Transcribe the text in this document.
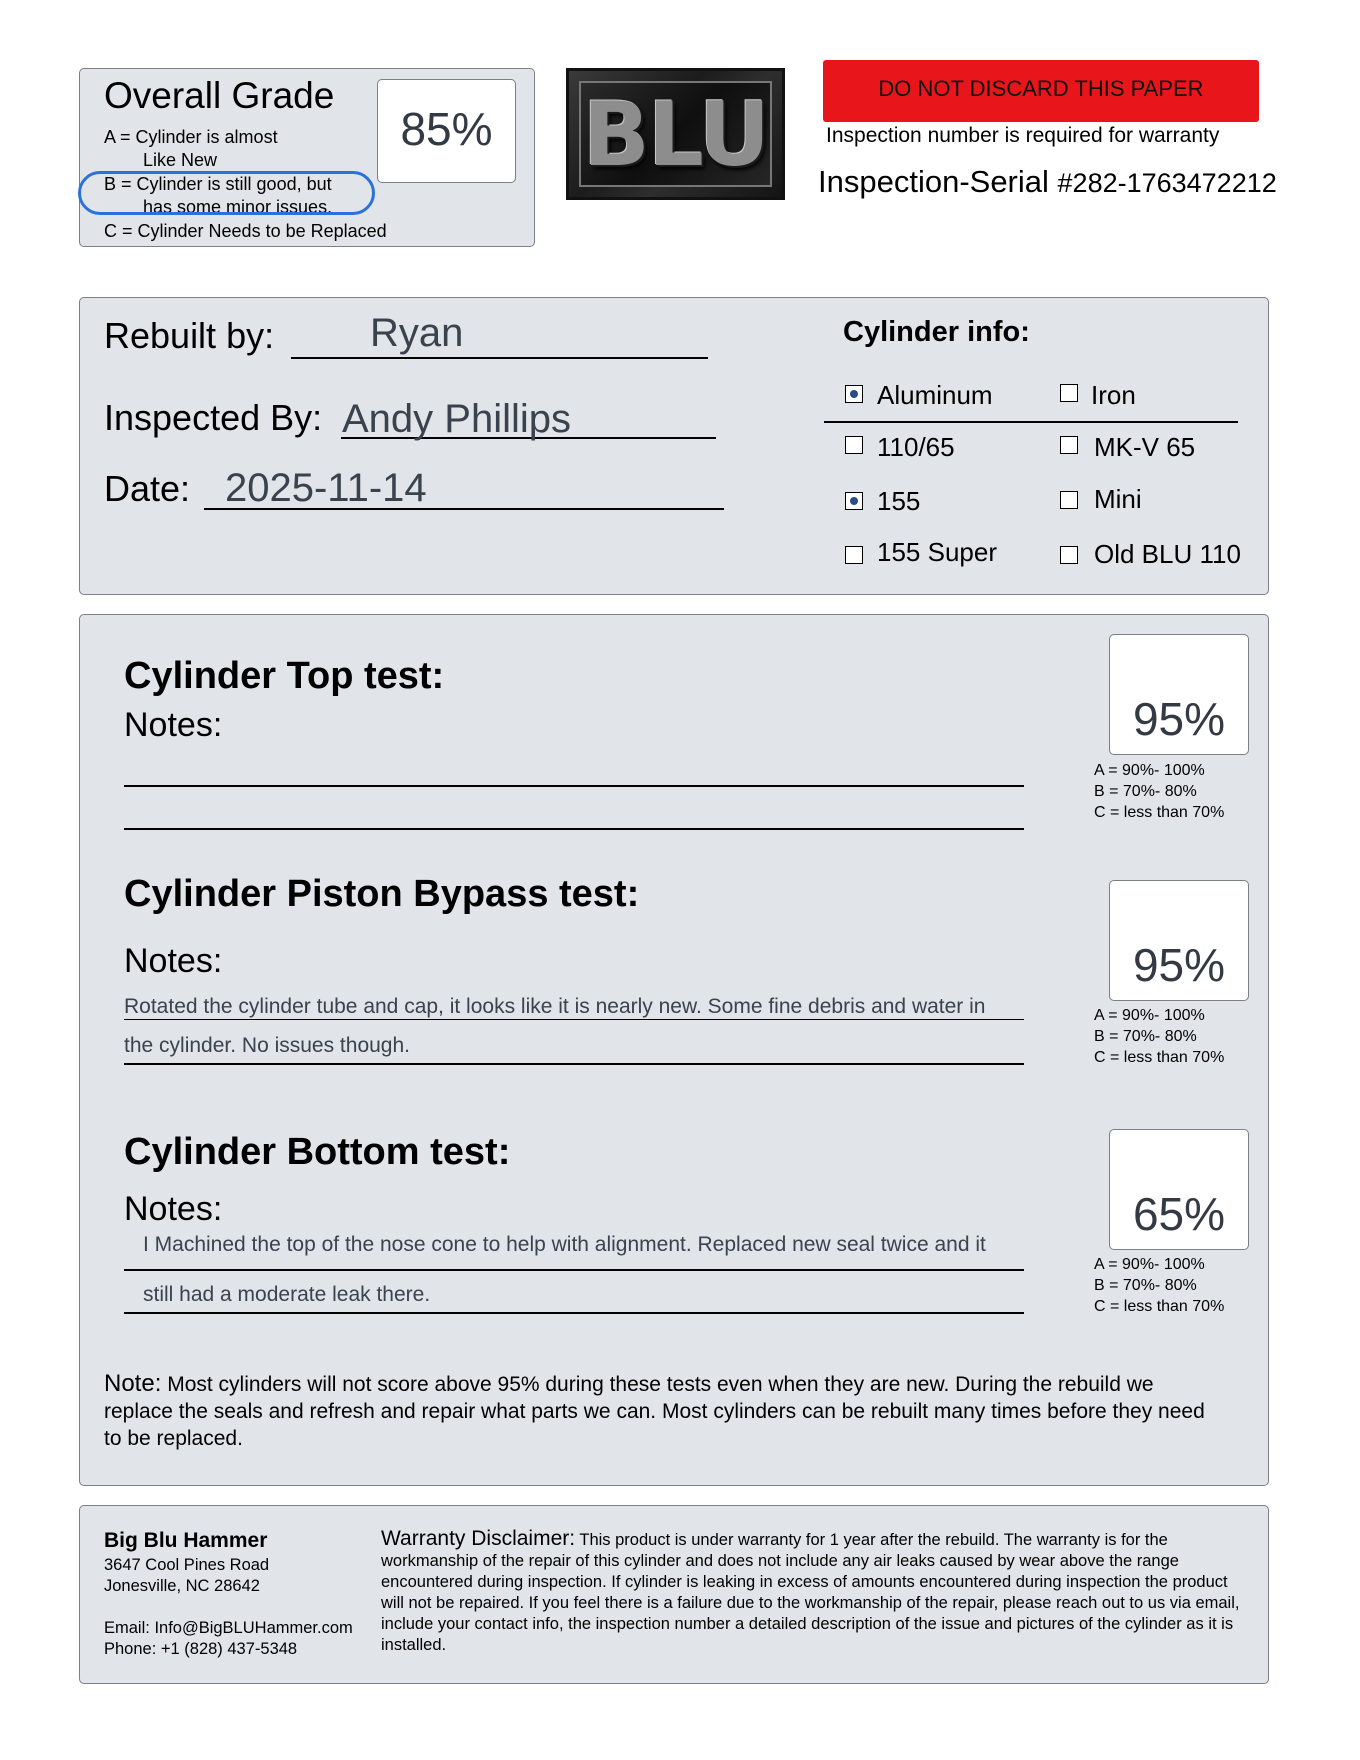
Overall Grade
A = Cylinder is almost
Like New
B = Cylinder is still good, but
has some minor issues.
C = Cylinder Needs to be Replaced
85% BLU	DO NOT DISCARD THIS PAPER
Inspection number is required for warranty
Inspection-Serial #282-1763472212
Rebuilt by: Ryan
Inspected By: Andy Phillips
Date: 2025-11-14
Cylinder info:
Aluminum	Iron
110/65	MK-V 65
155	Mini
155 Super	Old BLU 110
Cylinder Top test:
Notes:	95%
A = 90%- 100%
B = 70%- 80%
C = less than 70%
Cylinder Piston Bypass test:
Notes:
Rotated the cylinder tube and cap, it looks like it is nearly new. Some fine debris and water in
the cylinder. No issues though.
95%
A = 90%- 100%
B = 70%- 80%
C = less than 70%
Cylinder Bottom test:
Notes:
I Machined the top of the nose cone to help with alignment. Replaced new seal twice and it
still had a moderate leak there.
65%
A = 90%- 100%
B = 70%- 80%
C = less than 70%
Note: Most cylinders will not score above 95% during these tests even when they are new. During the rebuild we replace the seals and refresh and repair what parts we can. Most cylinders can be rebuilt many times before they need to be replaced.
Big Blu Hammer
3647 Cool Pines Road
Jonesville, NC 28642
Email: Info@BigBLUHammer.com
Phone: +1 (828) 437-5348
Warranty Disclaimer: This product is under warranty for 1 year after the rebuild. The warranty is for the workmanship of the repair of this cylinder and does not include any air leaks caused by wear above the range encountered during inspection. If cylinder is leaking in excess of amounts encountered during inspection the product will not be repaired. If you feel there is a failure due to the workmanship of the repair, please reach out to us via email, include your contact info, the inspection number a detailed description of the issue and pictures of the cylinder as it is installed.
